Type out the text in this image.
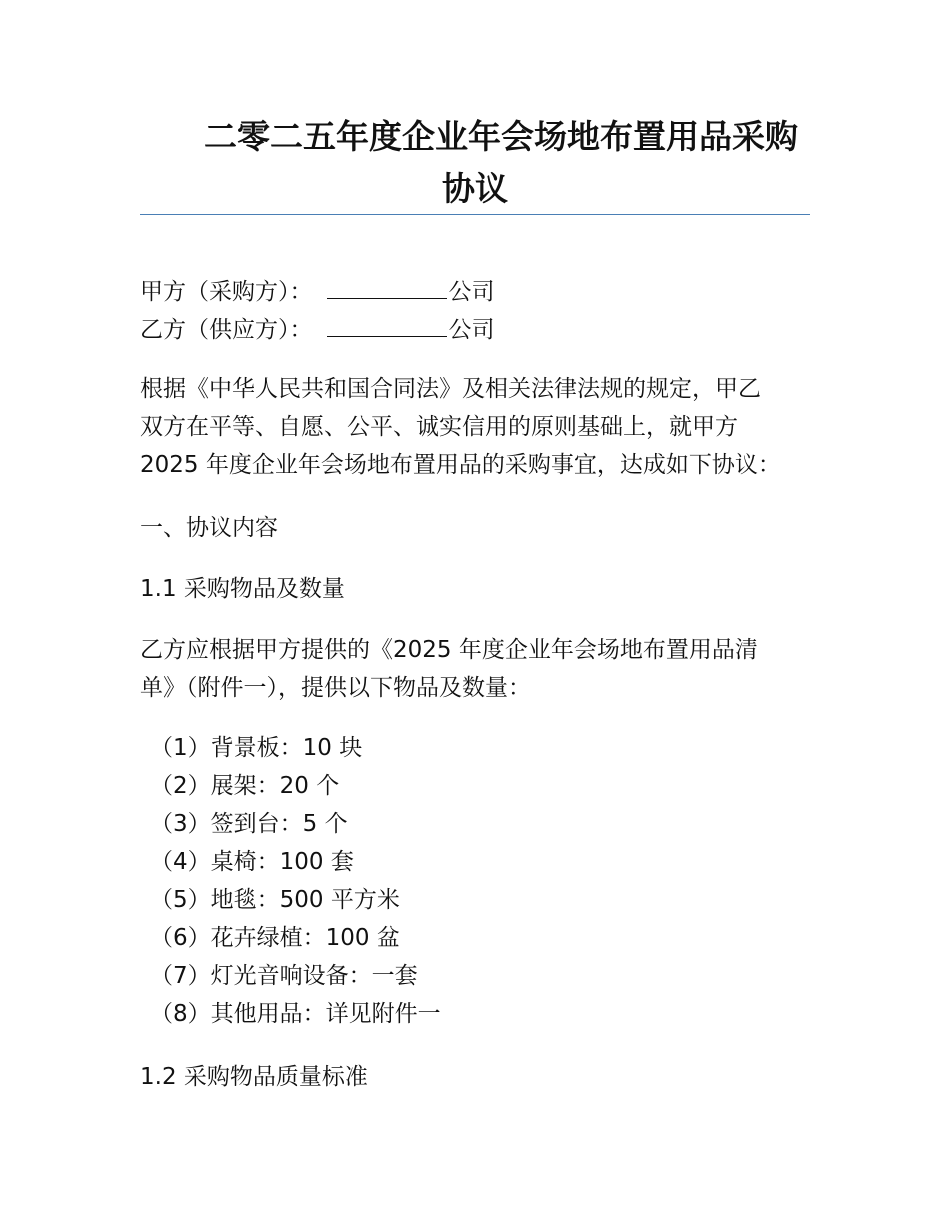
二零二五年度企业年会场地布置用品采购
协议

甲方（采购方）：	公司

乙方（供应方）：	公司

根据《中华人民共和国合同法》及相关法律法规的规定，甲乙

双方在平等、自愿、公平、诚实信用的原则基础上，就甲方

2025 年度企业年会场地布置用品的采购事宜，达成如下协议：

一、协议内容

1.1 采购物品及数量

乙方应根据甲方提供的《2025 年度企业年会场地布置用品清

单》（附件一），提供以下物品及数量：

（1）背景板：10 块

（2）展架：20 个

（3）签到台：5 个

（4）桌椅：100 套

（5）地毯：500 平方米

（6）花卉绿植：100 盆

（7）灯光音响设备：一套

（8）其他用品：详见附件一

1.2 采购物品质量标准
